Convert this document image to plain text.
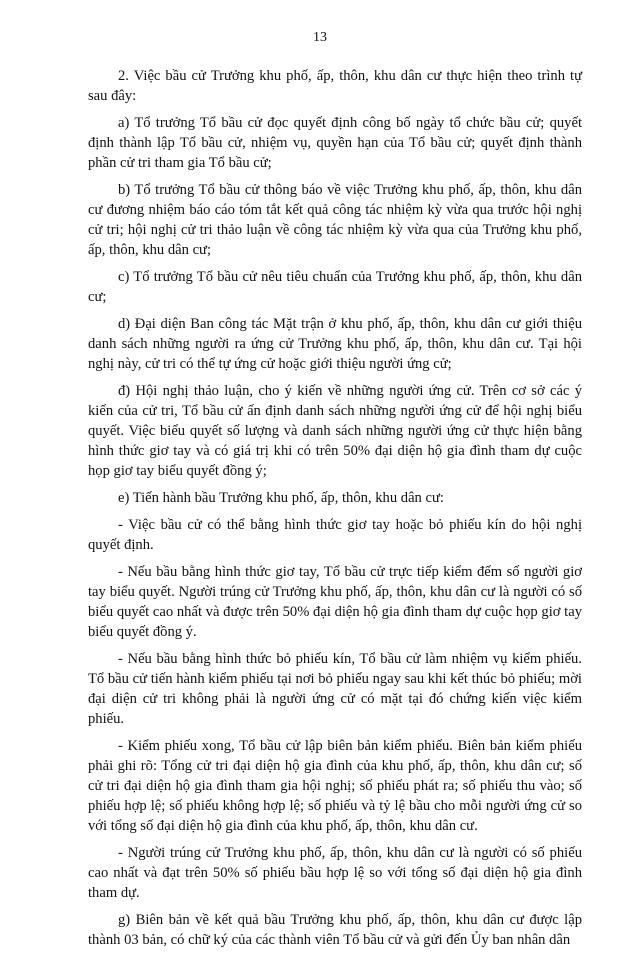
13

2. Việc bầu cử Trưởng khu phố, ấp, thôn, khu dân cư thực hiện theo trình tự sau đây:

a) Tổ trưởng Tổ bầu cử đọc quyết định công bố ngày tổ chức bầu cử; quyết định thành lập Tổ bầu cử, nhiệm vụ, quyền hạn của Tổ bầu cử; quyết định thành phần cử tri tham gia Tổ bầu cử;

b) Tổ trưởng Tổ bầu cử thông báo về việc Trưởng khu phố, ấp, thôn, khu dân cư đương nhiệm báo cáo tóm tắt kết quả công tác nhiệm kỳ vừa qua trước hội nghị cử tri; hội nghị cử tri thảo luận về công tác nhiệm kỳ vừa qua của Trưởng khu phố, ấp, thôn, khu dân cư;

c) Tổ trưởng Tổ bầu cử nêu tiêu chuẩn của Trưởng khu phố, ấp, thôn, khu dân cư;

d) Đại diện Ban công tác Mặt trận ở khu phố, ấp, thôn, khu dân cư giới thiệu danh sách những người ra ứng cử Trưởng khu phố, ấp, thôn, khu dân cư. Tại hội nghị này, cử tri có thể tự ứng cử hoặc giới thiệu người ứng cử;

đ) Hội nghị thảo luận, cho ý kiến về những người ứng cử. Trên cơ sở các ý kiến của cử tri, Tổ bầu cử ấn định danh sách những người ứng cử để hội nghị biểu quyết. Việc biểu quyết số lượng và danh sách những người ứng cử thực hiện bằng hình thức giơ tay và có giá trị khi có trên 50% đại diện hộ gia đình tham dự cuộc họp giơ tay biểu quyết đồng ý;

e) Tiến hành bầu Trưởng khu phố, ấp, thôn, khu dân cư:

- Việc bầu cử có thể bằng hình thức giơ tay hoặc bỏ phiếu kín do hội nghị quyết định.

- Nếu bầu bằng hình thức giơ tay, Tổ bầu cử trực tiếp kiểm đếm số người giơ tay biểu quyết. Người trúng cử Trưởng khu phố, ấp, thôn, khu dân cư là người có số biểu quyết cao nhất và được trên 50% đại diện hộ gia đình tham dự cuộc họp giơ tay biểu quyết đồng ý.

- Nếu bầu bằng hình thức bỏ phiếu kín, Tổ bầu cử làm nhiệm vụ kiểm phiếu. Tổ bầu cử tiến hành kiểm phiếu tại nơi bỏ phiếu ngay sau khi kết thúc bỏ phiếu; mời đại diện cử tri không phải là người ứng cử có mặt tại đó chứng kiến việc kiểm phiếu.

- Kiểm phiếu xong, Tổ bầu cử lập biên bản kiểm phiếu. Biên bản kiểm phiếu phải ghi rõ: Tổng cử tri đại diện hộ gia đình của khu phố, ấp, thôn, khu dân cư; số cử tri đại diện hộ gia đình tham gia hội nghị; số phiếu phát ra; số phiếu thu vào; số phiếu hợp lệ; số phiếu không hợp lệ; số phiếu và tỷ lệ bầu cho mỗi người ứng cử so với tổng số đại diện hộ gia đình của khu phố, ấp, thôn, khu dân cư.

- Người trúng cử Trưởng khu phố, ấp, thôn, khu dân cư là người có số phiếu cao nhất và đạt trên 50% số phiếu bầu hợp lệ so với tổng số đại diện hộ gia đình tham dự.

g) Biên bản về kết quả bầu Trưởng khu phố, ấp, thôn, khu dân cư được lập thành 03 bản, có chữ ký của các thành viên Tổ bầu cử và gửi đến Ủy ban nhân dân
